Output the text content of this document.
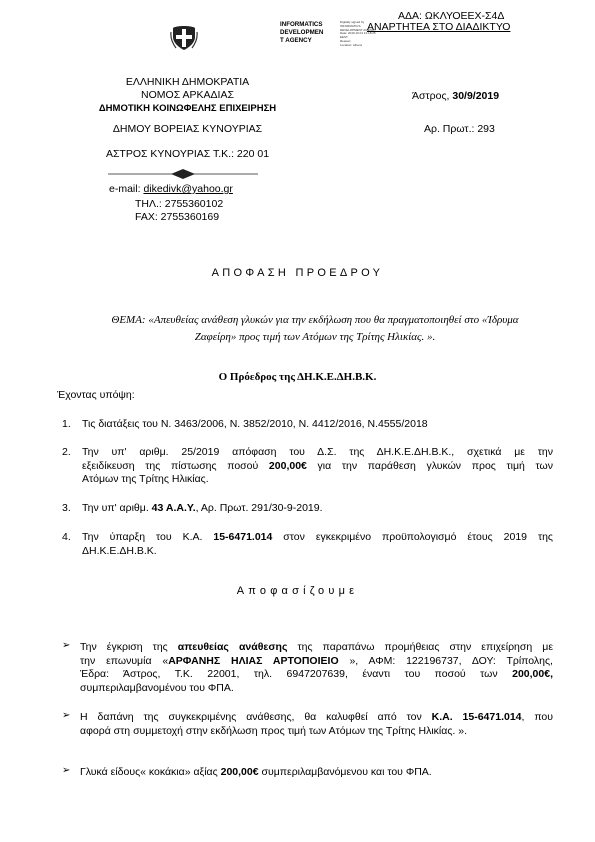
ΑΔΑ: ΩΚΛΥΟΕΕΧ-Σ4Δ
ΑΝΑΡΤΗΤΕΑ ΣΤΟ ΔΙΑΔΙΚΤΥΟ
INFORMATICS
DEVELOPMEN
T AGENCY
Digitally signed by
INFORMATICS
DEVELOPMENT AGENCY
Date: 2019.10.01 14:18:25
EEST
Reason:
Location: Athens
ΕΛΛΗΝΙΚΗ ΔΗΜΟΚΡΑΤΙΑ
ΝΟΜΟΣ ΑΡΚΑΔΙΑΣ
ΔΗΜΟΤΙΚΗ ΚΟΙΝΩΦΕΛΗΣ ΕΠΙΧΕΙΡΗΣΗ
ΔΗΜΟΥ ΒΟΡΕΙΑΣ ΚΥΝΟΥΡΙΑΣ
ΑΣΤΡΟΣ ΚΥΝΟΥΡΙΑΣ Τ.Κ.: 220 01
e-mail: dikedivk@yahoo.gr
ΤΗΛ.: 2755360102
FAX: 2755360169
Άστρος, 30/9/2019
Αρ. Πρωτ.: 293
ΑΠΟΦΑΣΗ ΠΡΟΕΔΡΟΥ
ΘΕΜΑ: «Απευθείας ανάθεση γλυκών για την εκδήλωση που θα πραγματοποιηθεί στο «Ίδρυμα
Ζαφείρη» προς τιμή των Ατόμων της Τρίτης Ηλικίας. ».
Ο Πρόεδρος της ΔΗ.Κ.Ε.ΔΗ.Β.Κ.
Έχοντας υπόψη:
1.	Τις διατάξεις του Ν. 3463/2006, Ν. 3852/2010, Ν. 4412/2016, Ν.4555/2018
2.	Την υπ' αριθμ. 25/2019 απόφαση του Δ.Σ. της ΔΗ.Κ.Ε.ΔΗ.Β.Κ., σχετικά με την
εξειδίκευση της πίστωσης ποσού 200,00€ για την παράθεση γλυκών προς τιμή των
Ατόμων της Τρίτης Ηλικίας.
3.	Την υπ' αριθμ. 43 Α.Α.Υ., Αρ. Πρωτ. 291/30-9-2019.
4.	Την ύπαρξη του Κ.Α. 15-6471.014 στον εγκεκριμένο προϋπολογισμό έτους 2019 της
ΔΗ.Κ.Ε.ΔΗ.Β.Κ.
Αποφασίζουμε
➢ Την έγκριση της απευθείας ανάθεσης της παραπάνω προμήθειας στην επιχείρηση με
την επωνυμία «ΑΡΦΑΝΗΣ ΗΛΙΑΣ ΑΡΤΟΠΟΙΕΙΟ », ΑΦΜ: 122196737, ΔΟΥ: Τρίπολης,
Έδρα: Άστρος, Τ.Κ. 22001, τηλ. 6947207639, έναντι του ποσού των 200,00€,
συμπεριλαμβανομένου του ΦΠΑ.
➢ Η δαπάνη της συγκεκριμένης ανάθεσης, θα καλυφθεί από τον Κ.Α. 15-6471.014, που
αφορά στη συμμετοχή στην εκδήλωση προς τιμή των Ατόμων της Τρίτης Ηλικίας. ».
➢ Γλυκά είδους« κοκάκια» αξίας 200,00€ συμπεριλαμβανόμενου και του ΦΠΑ.
